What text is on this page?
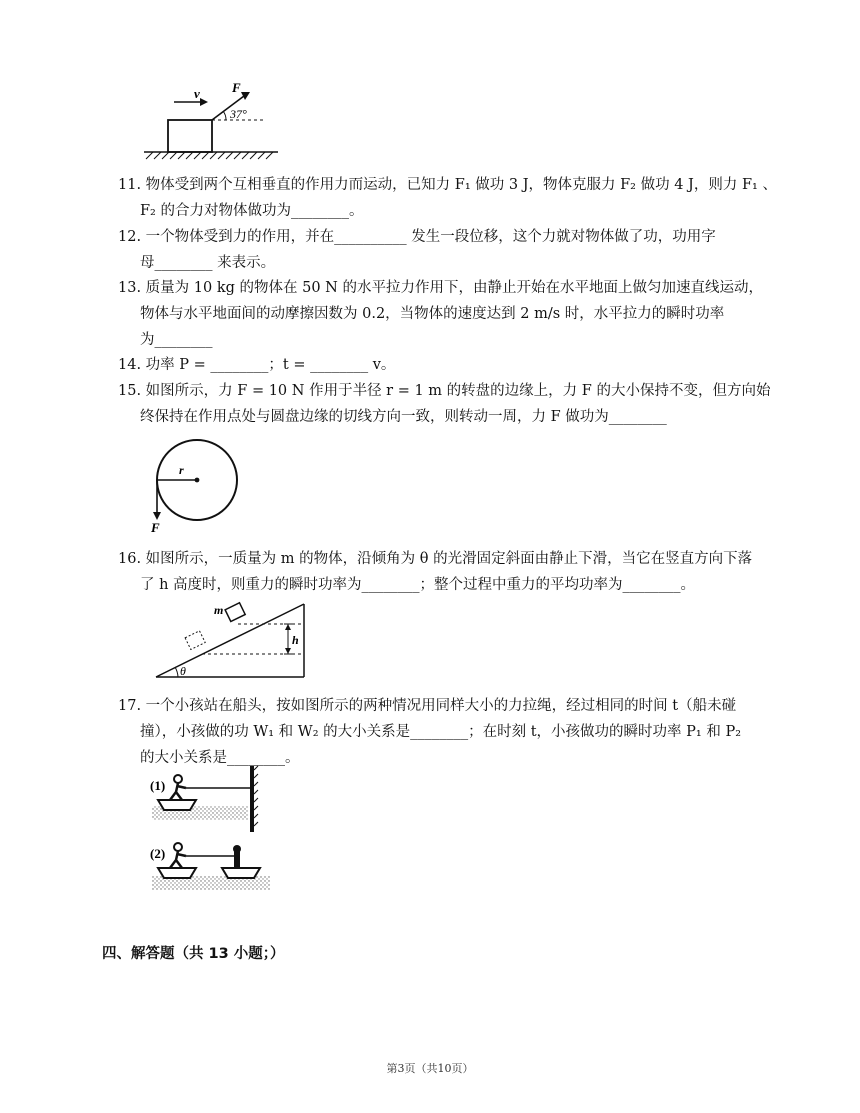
v F
37°
11. 物体受到两个互相垂直的作用力而运动，已知力 F₁ 做功 3 J，物体克服力 F₂ 做功 4 J，则力 F₁ 、
F₂ 的合力对物体做功为________。
12. 一个物体受到力的作用，并在__________ 发生一段位移，这个力就对物体做了功，功用字
母________ 来表示。
13. 质量为 10 kg 的物体在 50 N 的水平拉力作用下，由静止开始在水平地面上做匀加速直线运动，
物体与水平地面间的动摩擦因数为 0.2，当物体的速度达到 2 m/s 时，水平拉力的瞬时功率
为________
14. 功率 P = ________；t = ________ v。
15. 如图所示，力 F = 10 N 作用于半径 r = 1 m 的转盘的边缘上，力 F 的大小保持不变，但方向始
终保持在作用点处与圆盘边缘的切线方向一致，则转动一周，力 F 做功为________
r
F
16. 如图所示，一质量为 m 的物体，沿倾角为 θ 的光滑固定斜面由静止下滑，当它在竖直方向下落
了 h 高度时，则重力的瞬时功率为________；整个过程中重力的平均功率为________。
h
m
θ
17. 一个小孩站在船头，按如图所示的两种情况用同样大小的力拉绳，经过相同的时间 t（船未碰
撞），小孩做的功 W₁ 和 W₂ 的大小关系是________；在时刻 t，小孩做功的瞬时功率 P₁ 和 P₂
的大小关系是________。
(1)
(2)
四、解答题（共 13 小题；）
第3页（共10页）
